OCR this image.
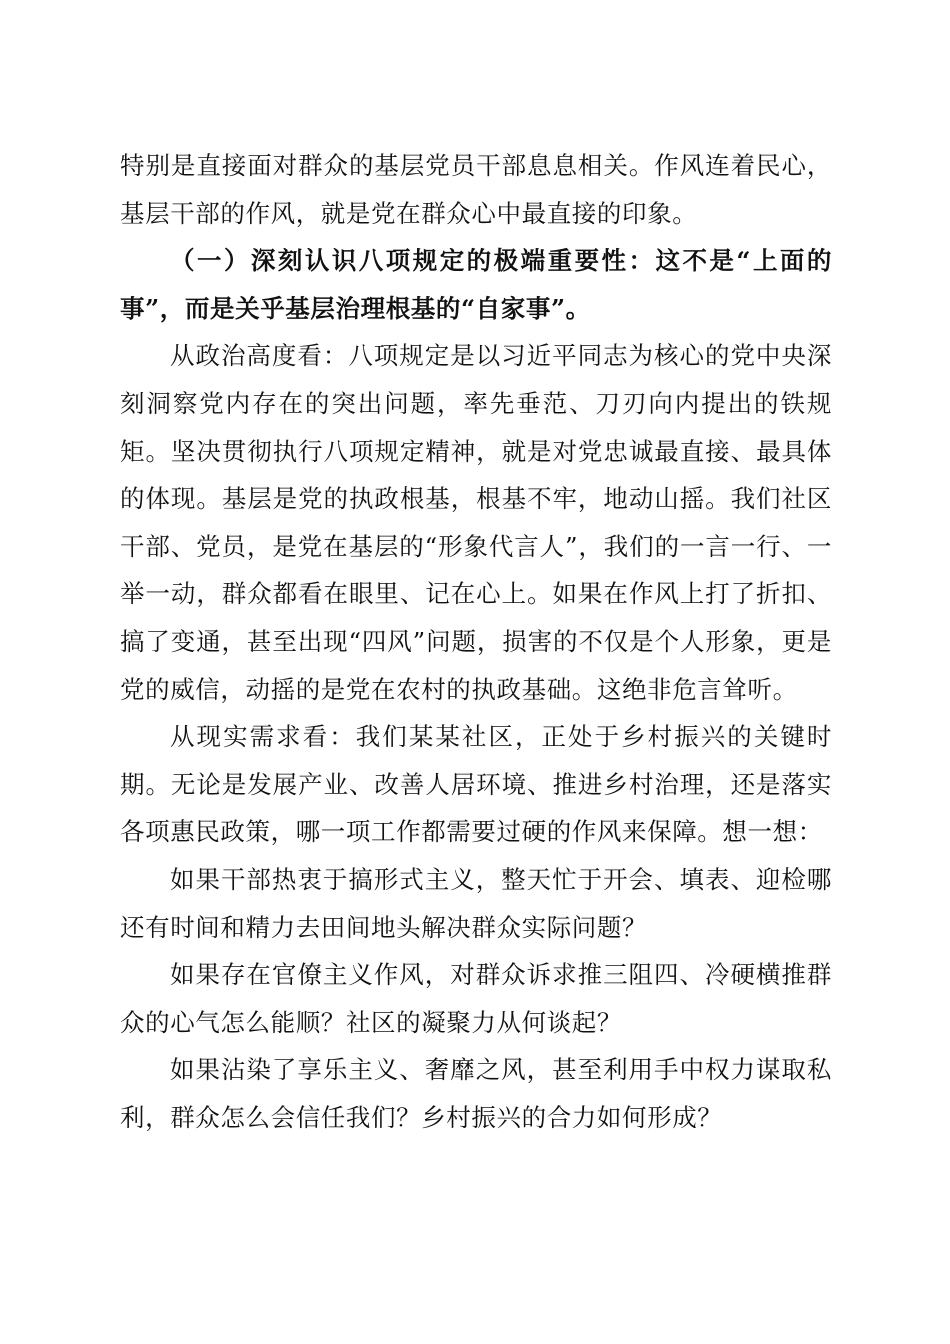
特别是直接面对群众的基层党员干部息息相关。作风连着民心，基层干部的作风，就是党在群众心中最直接的印象。

（一）深刻认识八项规定的极端重要性：这不是“上面的事”，而是关乎基层治理根基的“自家事”。

从政治高度看：八项规定是以习近平同志为核心的党中央深刻洞察党内存在的突出问题，率先垂范、刀刃向内提出的铁规矩。坚决贯彻执行八项规定精神，就是对党忠诚最直接、最具体的体现。基层是党的执政根基，根基不牢，地动山摇。我们社区干部、党员，是党在基层的“形象代言人”，我们的一言一行、一举一动，群众都看在眼里、记在心上。如果在作风上打了折扣、搞了变通，甚至出现“四风”问题，损害的不仅是个人形象，更是党的威信，动摇的是党在农村的执政基础。这绝非危言耸听。

从现实需求看：我们某某社区，正处于乡村振兴的关键时期。无论是发展产业、改善人居环境、推进乡村治理，还是落实各项惠民政策，哪一项工作都需要过硬的作风来保障。想一想：

如果干部热衷于搞形式主义，整天忙于开会、填表、迎检哪还有时间和精力去田间地头解决群众实际问题？

如果存在官僚主义作风，对群众诉求推三阻四、冷硬横推群众的心气怎么能顺？社区的凝聚力从何谈起？

如果沾染了享乐主义、奢靡之风，甚至利用手中权力谋取私利，群众怎么会信任我们？乡村振兴的合力如何形成？
